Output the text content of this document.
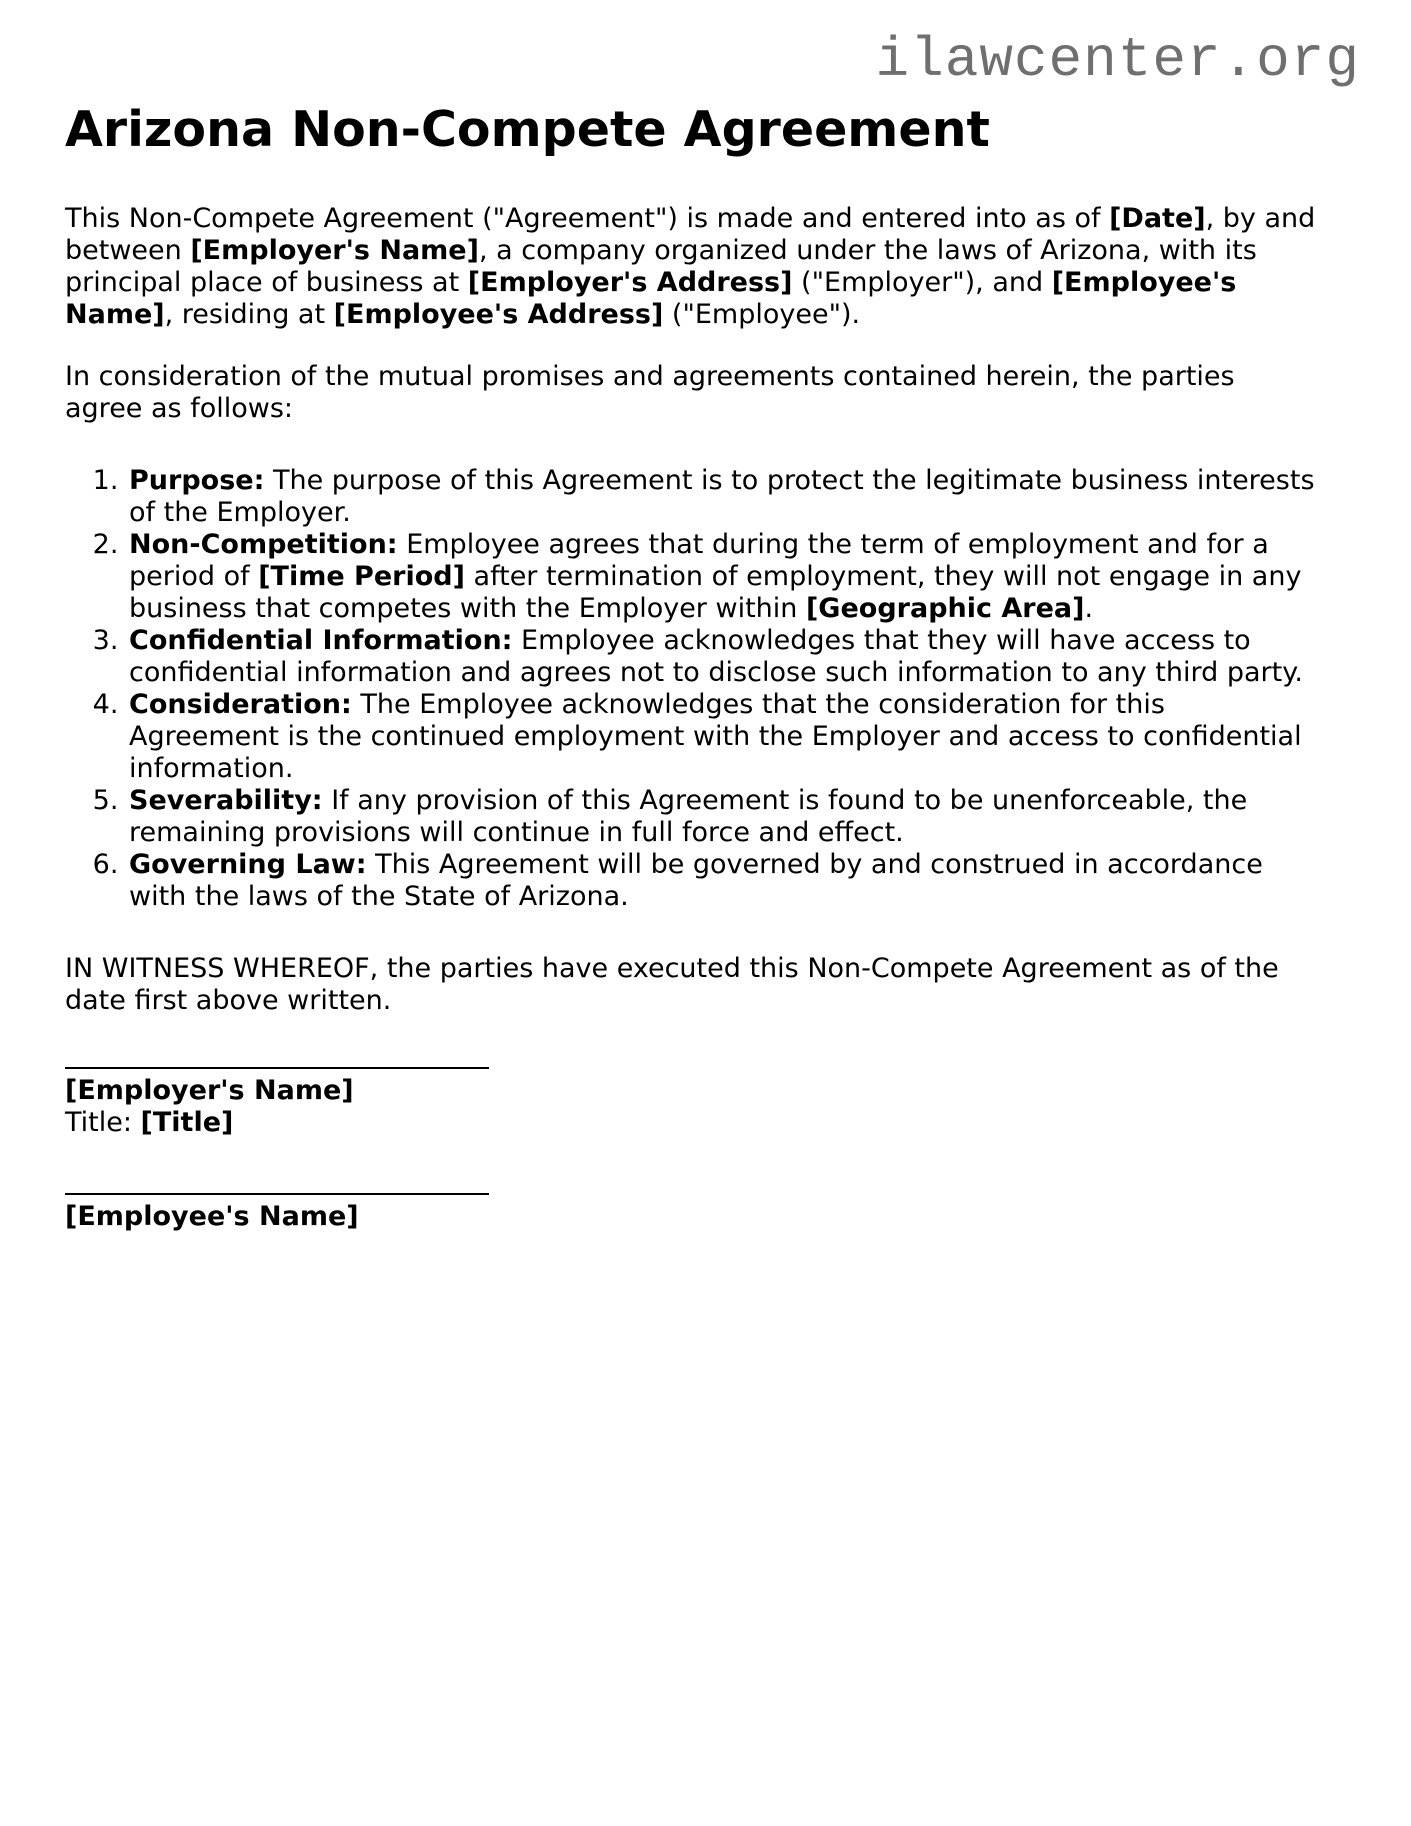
ilawcenter.org
Arizona Non-Compete Agreement

This Non-Compete Agreement ("Agreement") is made and entered into as of [Date], by and between [Employer's Name], a company organized under the laws of Arizona, with its principal place of business at [Employer's Address] ("Employer"), and [Employee's Name], residing at [Employee's Address] ("Employee").

In consideration of the mutual promises and agreements contained herein, the parties agree as follows:

1. Purpose: The purpose of this Agreement is to protect the legitimate business interests of the Employer.
2. Non-Competition: Employee agrees that during the term of employment and for a period of [Time Period] after termination of employment, they will not engage in any business that competes with the Employer within [Geographic Area].
3. Confidential Information: Employee acknowledges that they will have access to confidential information and agrees not to disclose such information to any third party.
4. Consideration: The Employee acknowledges that the consideration for this Agreement is the continued employment with the Employer and access to confidential information.
5. Severability: If any provision of this Agreement is found to be unenforceable, the remaining provisions will continue in full force and effect.
6. Governing Law: This Agreement will be governed by and construed in accordance with the laws of the State of Arizona.

IN WITNESS WHEREOF, the parties have executed this Non-Compete Agreement as of the date first above written.

[Employer's Name]
Title: [Title]
[Employee's Name]
